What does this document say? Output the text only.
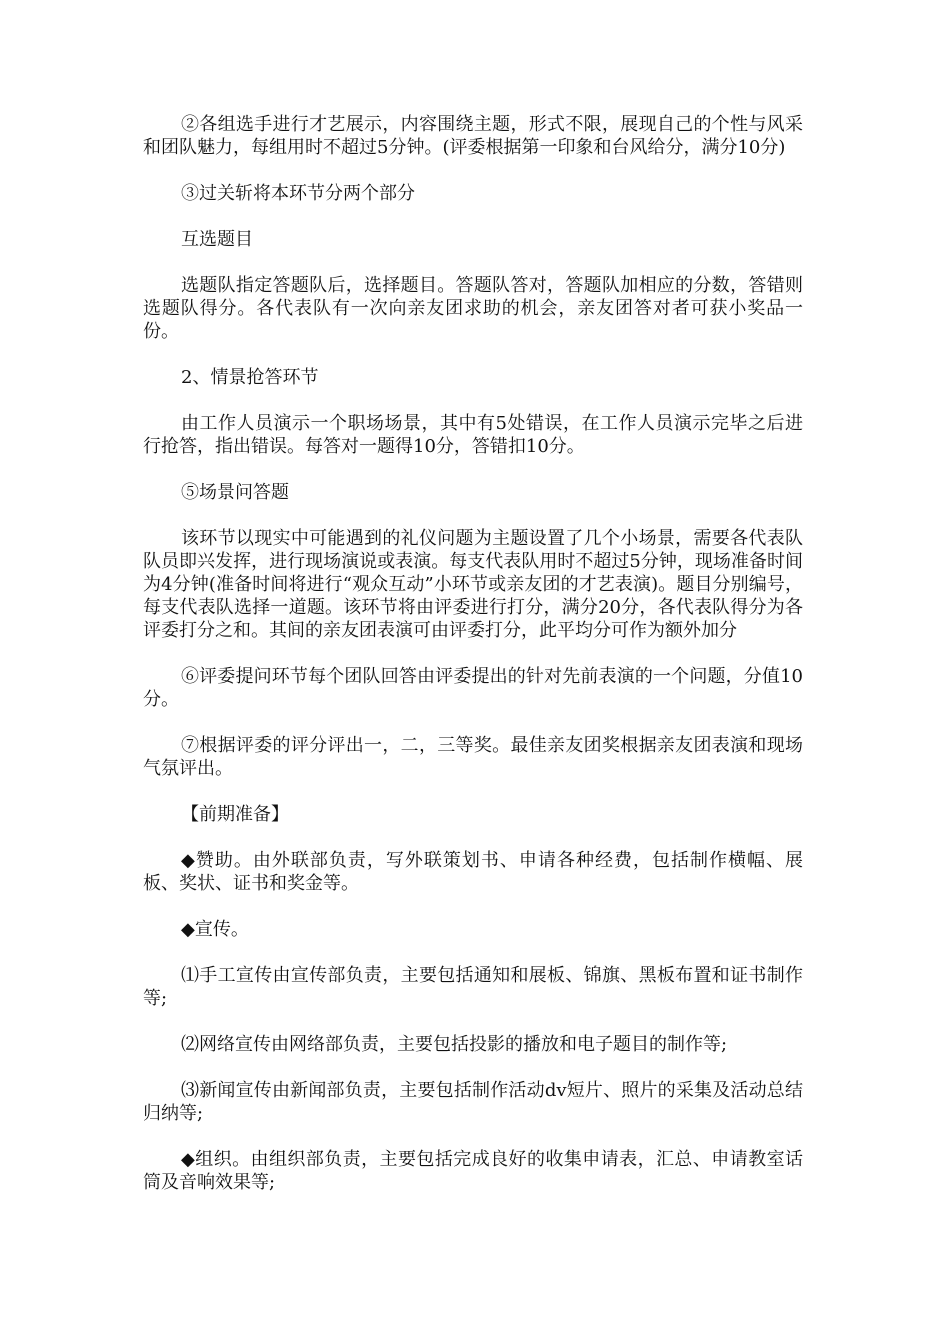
②各组选手进行才艺展示，内容围绕主题，形式不限，展现自己的个性与风采和团队魅力，每组用时不超过5分钟。(评委根据第一印象和台风给分，满分10分)

③过关斩将本环节分两个部分

互选题目

选题队指定答题队后，选择题目。答题队答对，答题队加相应的分数，答错则选题队得分。各代表队有一次向亲友团求助的机会，亲友团答对者可获小奖品一份。

2、情景抢答环节

由工作人员演示一个职场场景，其中有5处错误，在工作人员演示完毕之后进行抢答，指出错误。每答对一题得10分，答错扣10分。

⑤场景问答题

该环节以现实中可能遇到的礼仪问题为主题设置了几个小场景，需要各代表队队员即兴发挥，进行现场演说或表演。每支代表队用时不超过5分钟，现场准备时间为4分钟(准备时间将进行“观众互动”小环节或亲友团的才艺表演)。题目分别编号，每支代表队选择一道题。该环节将由评委进行打分，满分20分，各代表队得分为各评委打分之和。其间的亲友团表演可由评委打分，此平均分可作为额外加分

⑥评委提问环节每个团队回答由评委提出的针对先前表演的一个问题，分值10分。

⑦根据评委的评分评出一，二，三等奖。最佳亲友团奖根据亲友团表演和现场气氛评出。

【前期准备】

◆赞助。由外联部负责，写外联策划书、申请各种经费，包括制作横幅、展板、奖状、证书和奖金等。

◆宣传。

⑴手工宣传由宣传部负责，主要包括通知和展板、锦旗、黑板布置和证书制作等;

⑵网络宣传由网络部负责，主要包括投影的播放和电子题目的制作等;

⑶新闻宣传由新闻部负责，主要包括制作活动dv短片、照片的采集及活动总结归纳等;

◆组织。由组织部负责，主要包括完成良好的收集申请表，汇总、申请教室话筒及音响效果等;
